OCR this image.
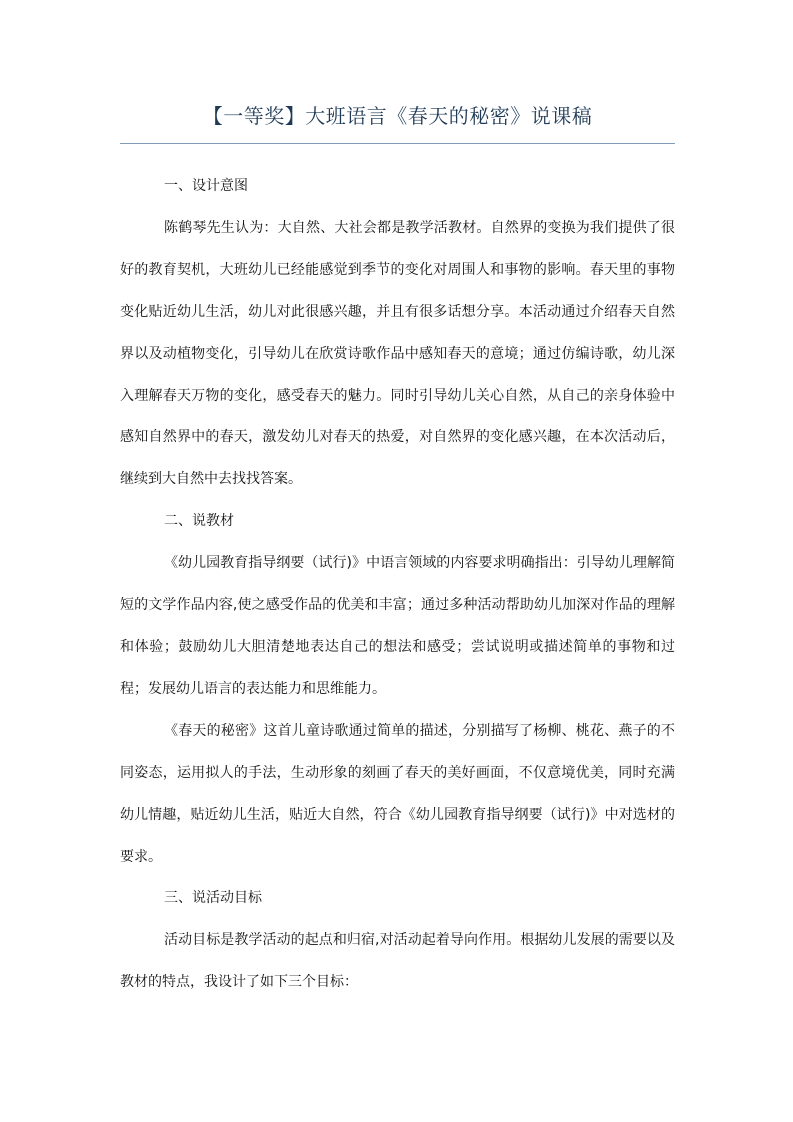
【一等奖】大班语言《春天的秘密》说课稿

一、设计意图

陈鹤琴先生认为：大自然、大社会都是教学活教材。自然界的变换为我们提供了很好的教育契机，大班幼儿已经能感觉到季节的变化对周围人和事物的影响。春天里的事物变化贴近幼儿生活，幼儿对此很感兴趣，并且有很多话想分享。本活动通过介绍春天自然界以及动植物变化，引导幼儿在欣赏诗歌作品中感知春天的意境；通过仿编诗歌，幼儿深入理解春天万物的变化，感受春天的魅力。同时引导幼儿关心自然，从自己的亲身体验中感知自然界中的春天，激发幼儿对春天的热爱，对自然界的变化感兴趣，在本次活动后，继续到大自然中去找找答案。

二、说教材

《幼儿园教育指导纲要（试行)》中语言领域的内容要求明确指出：引导幼儿理解简短的文学作品内容,使之感受作品的优美和丰富；通过多种活动帮助幼儿加深对作品的理解和体验；鼓励幼儿大胆清楚地表达自己的想法和感受；尝试说明或描述简单的事物和过程；发展幼儿语言的表达能力和思维能力。

《春天的秘密》这首儿童诗歌通过简单的描述，分别描写了杨柳、桃花、燕子的不同姿态，运用拟人的手法，生动形象的刻画了春天的美好画面，不仅意境优美，同时充满幼儿情趣，贴近幼儿生活，贴近大自然，符合《幼儿园教育指导纲要（试行)》中对选材的要求。

三、说活动目标

活动目标是教学活动的起点和归宿,对活动起着导向作用。根据幼儿发展的需要以及教材的特点，我设计了如下三个目标：
